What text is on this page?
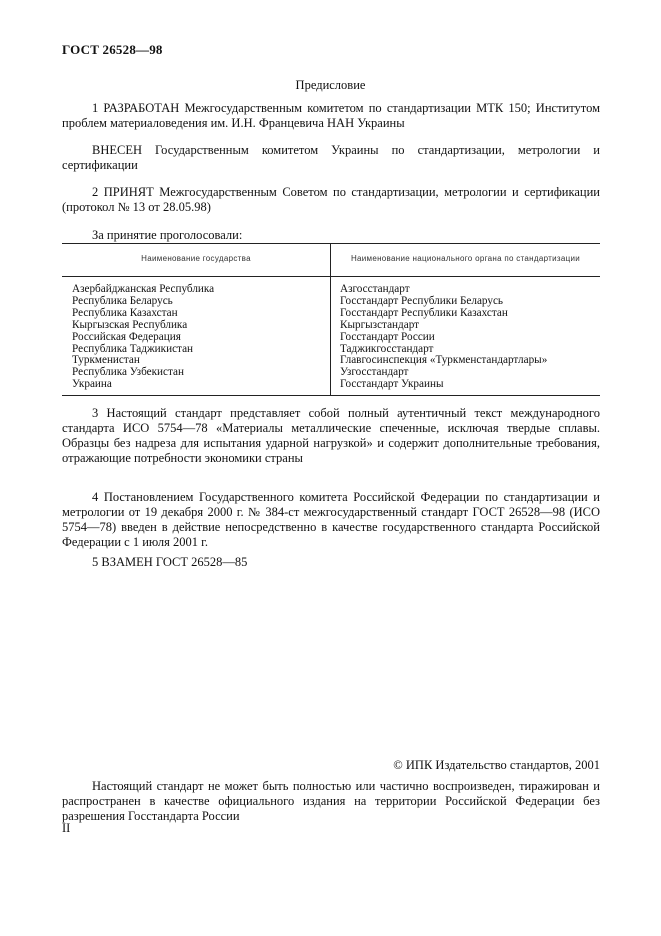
ГОСТ 26528—98
Предисловие

1 РАЗРАБОТАН Межгосударственным комитетом по стандартизации МТК 150; Институтом проблем материаловедения им. И.Н. Францевича НАН Украины

ВНЕСЕН Государственным комитетом Украины по стандартизации, метрологии и сертификации

2 ПРИНЯТ Межгосударственным Советом по стандартизации, метрологии и сертификации (протокол № 13 от 28.05.98)

За принятие проголосовали:
Наименование государства	Наименование национального органа по стандартизации
Азербайджанская Республика
Республика Беларусь
Республика Казахстан
Кыргызская Республика
Российская Федерация
Республика Таджикистан
Туркменистан
Республика Узбекистан
Украина
Азгосстандарт
Госстандарт Республики Беларусь
Госстандарт Республики Казахстан
Кыргызстандарт
Госстандарт России
Таджикгосстандарт
Главгосинспекция «Туркменстандартлары»
Узгосстандарт
Госстандарт Украины

3 Настоящий стандарт представляет собой полный аутентичный текст международного стандарта ИСО 5754—78 «Материалы металлические спеченные, исключая твердые сплавы. Образцы без надреза для испытания ударной нагрузкой» и содержит дополнительные требования, отражающие потребности экономики страны

4 Постановлением Государственного комитета Российской Федерации по стандартизации и метрологии от 19 декабря 2000 г. № 384-ст межгосударственный стандарт ГОСТ 26528—98 (ИСО 5754—78) введен в действие непосредственно в качестве государственного стандарта Российской Федерации с 1 июля 2001 г.

5 ВЗАМЕН ГОСТ 26528—85

© ИПК Издательство стандартов, 2001

Настоящий стандарт не может быть полностью или частично воспроизведен, тиражирован и распространен в качестве официального издания на территории Российской Федерации без разрешения Госстандарта России

II
